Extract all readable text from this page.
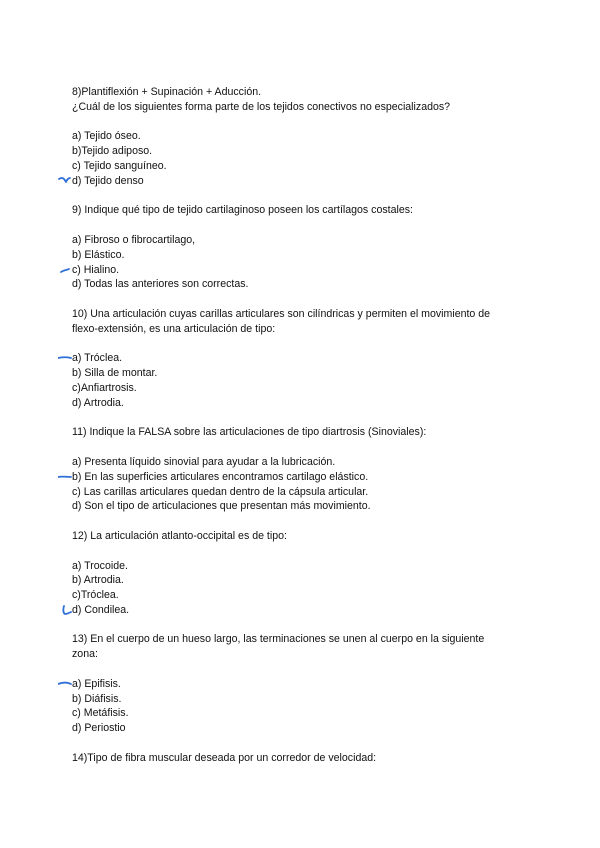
8)Plantiflexión + Supinación + Aducción.
¿Cuál de los siguientes forma parte de los tejidos conectivos no especializados?
a) Tejido óseo.
b)Tejido adiposo.
c) Tejido sanguíneo.
d) Tejido denso
9) Indique qué tipo de tejido cartilaginoso poseen los cartílagos costales:
a) Fibroso o fibrocartilago,
b) Elástico.
c) Hialino.
d) Todas las anteriores son correctas.
10) Una articulación cuyas carillas articulares son cilíndricas y permiten el movimiento de
flexo-extensión, es una articulación de tipo:
a) Tróclea.
b) Silla de montar.
c)Anfiartrosis.
d) Artrodia.
11) Indique la FALSA sobre las articulaciones de tipo diartrosis (Sinoviales):
a) Presenta líquido sinovial para ayudar a la lubricación.
b) En las superficies articulares encontramos cartilago elástico.
c) Las carillas articulares quedan dentro de la cápsula articular.
d) Son el tipo de articulaciones que presentan más movimiento.
12) La articulación atlanto-occipital es de tipo:
a) Trocoide.
b) Artrodia.
c)Tróclea.
d) Condilea.
13) En el cuerpo de un hueso largo, las terminaciones se unen al cuerpo en la siguiente
zona:
a) Epifisis.
b) Diáfisis.
c) Metáfisis.
d) Periostio
14)Tipo de fibra muscular deseada por un corredor de velocidad:
